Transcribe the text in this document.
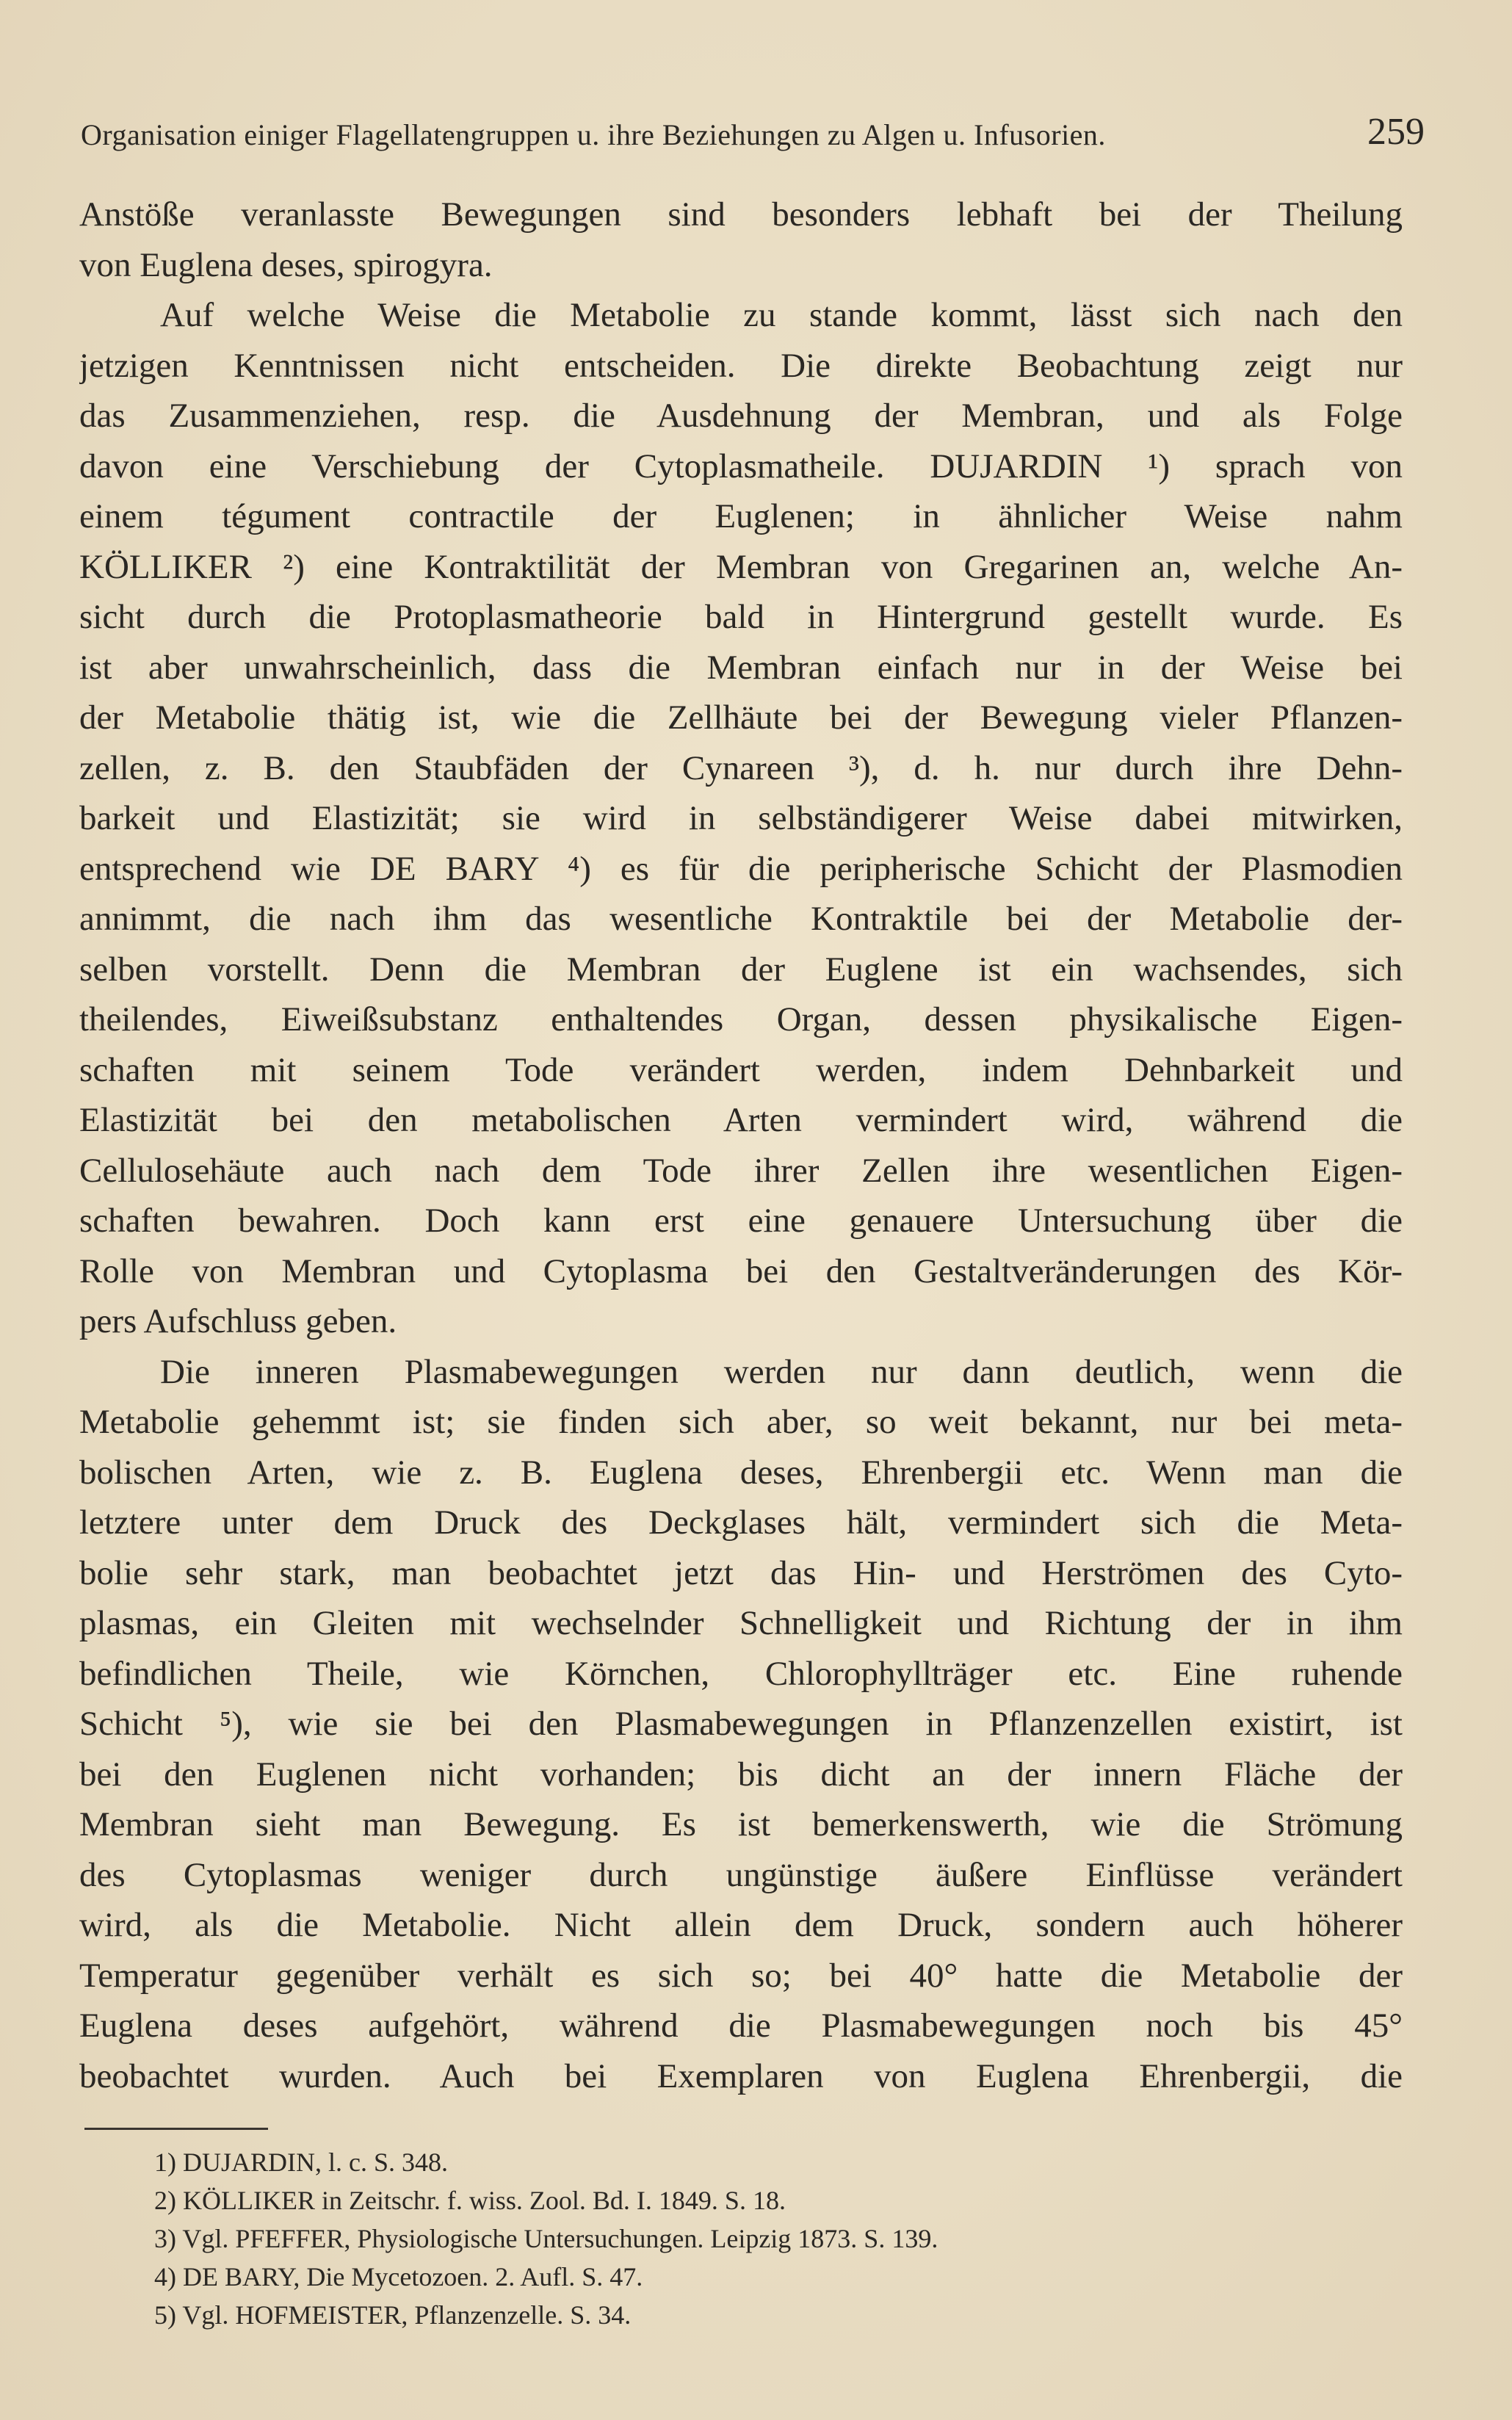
Organisation einiger Flagellatengruppen u. ihre Beziehungen zu Algen u. Infusorien.	259
Anstöße veranlasste Bewegungen sind besonders lebhaft bei der Theilung
von Euglena deses, spirogyra.
Auf welche Weise die Metabolie zu stande kommt, lässt sich nach den
jetzigen Kenntnissen nicht entscheiden. Die direkte Beobachtung zeigt nur
das Zusammenziehen, resp. die Ausdehnung der Membran, und als Folge
davon eine Verschiebung der Cytoplasmatheile. DUJARDIN ¹) sprach von
einem tégument contractile der Euglenen; in ähnlicher Weise nahm
KÖLLIKER ²) eine Kontraktilität der Membran von Gregarinen an, welche An-
sicht durch die Protoplasmatheorie bald in Hintergrund gestellt wurde. Es
ist aber unwahrscheinlich, dass die Membran einfach nur in der Weise bei
der Metabolie thätig ist, wie die Zellhäute bei der Bewegung vieler Pflanzen-
zellen, z. B. den Staubfäden der Cynareen ³), d. h. nur durch ihre Dehn-
barkeit und Elastizität; sie wird in selbständigerer Weise dabei mitwirken,
entsprechend wie DE BARY ⁴) es für die peripherische Schicht der Plasmodien
annimmt, die nach ihm das wesentliche Kontraktile bei der Metabolie der-
selben vorstellt. Denn die Membran der Euglene ist ein wachsendes, sich
theilendes, Eiweißsubstanz enthaltendes Organ, dessen physikalische Eigen-
schaften mit seinem Tode verändert werden, indem Dehnbarkeit und
Elastizität bei den metabolischen Arten vermindert wird, während die
Cellulosehäute auch nach dem Tode ihrer Zellen ihre wesentlichen Eigen-
schaften bewahren. Doch kann erst eine genauere Untersuchung über die
Rolle von Membran und Cytoplasma bei den Gestaltveränderungen des Kör-
pers Aufschluss geben.
Die inneren Plasmabewegungen werden nur dann deutlich, wenn die
Metabolie gehemmt ist; sie finden sich aber, so weit bekannt, nur bei meta-
bolischen Arten, wie z. B. Euglena deses, Ehrenbergii etc. Wenn man die
letztere unter dem Druck des Deckglases hält, vermindert sich die Meta-
bolie sehr stark, man beobachtet jetzt das Hin- und Herströmen des Cyto-
plasmas, ein Gleiten mit wechselnder Schnelligkeit und Richtung der in ihm
befindlichen Theile, wie Körnchen, Chlorophyllträger etc. Eine ruhende
Schicht ⁵), wie sie bei den Plasmabewegungen in Pflanzenzellen existirt, ist
bei den Euglenen nicht vorhanden; bis dicht an der innern Fläche der
Membran sieht man Bewegung. Es ist bemerkenswerth, wie die Strömung
des Cytoplasmas weniger durch ungünstige äußere Einflüsse verändert
wird, als die Metabolie. Nicht allein dem Druck, sondern auch höherer
Temperatur gegenüber verhält es sich so; bei 40° hatte die Metabolie der
Euglena deses aufgehört, während die Plasmabewegungen noch bis 45°
beobachtet wurden. Auch bei Exemplaren von Euglena Ehrenbergii, die
1) DUJARDIN, l. c. S. 348.
2) KÖLLIKER in Zeitschr. f. wiss. Zool. Bd. I. 1849. S. 18.
3) Vgl. PFEFFER, Physiologische Untersuchungen. Leipzig 1873. S. 139.
4) DE BARY, Die Mycetozoen. 2. Aufl. S. 47.
5) Vgl. HOFMEISTER, Pflanzenzelle. S. 34.
